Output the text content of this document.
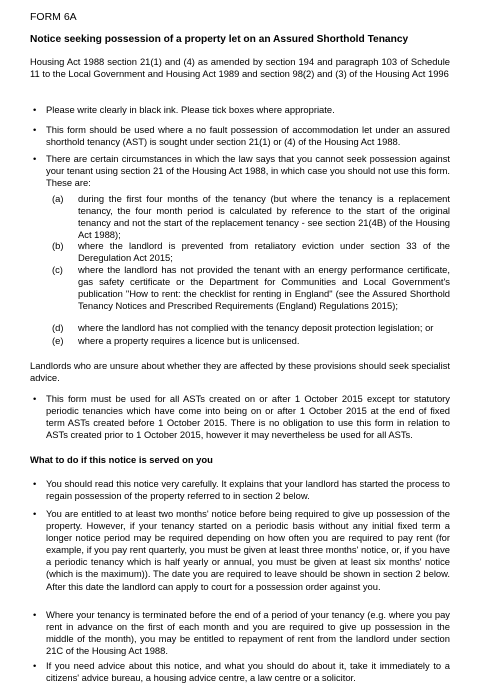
FORM 6A
Notice seeking possession of a property let on an Assured Shorthold Tenancy

Housing Act 1988 section 21(1) and (4) as amended by section 194 and paragraph 103 of Schedule 11 to the Local Government and Housing Act 1989 and section 98(2) and (3) of the Housing Act 1996

• Please write clearly in black ink. Please tick boxes where appropriate.
• This form should be used where a no fault possession of accommodation let under an assured shorthold tenancy (AST) is sought under section 21(1) or (4) of the Housing Act 1988.
• There are certain circumstances in which the law says that you cannot seek possession against your tenant using section 21 of the Housing Act 1988, in which case you should not use this form. These are:
(a) during the first four months of the tenancy (but where the tenancy is a replacement tenancy, the four month period is calculated by reference to the start of the original tenancy and not the start of the replacement tenancy - see section 21(4B) of the Housing Act 1988);
(b) where the landlord is prevented from retaliatory eviction under section 33 of the Deregulation Act 2015;
(c) where the landlord has not provided the tenant with an energy performance certificate, gas safety certificate or the Department for Communities and Local Government's publication "How to rent: the checklist for renting in England" (see the Assured Shorthold Tenancy Notices and Prescribed Requirements (England) Regulations 2015);
(d) where the landlord has not complied with the tenancy deposit protection legislation; or
(e) where a property requires a licence but is unlicensed.

Landlords who are unsure about whether they are affected by these provisions should seek specialist advice.

• This form must be used for all ASTs created on or after 1 October 2015 except tor statutory periodic tenancies which have come into being on or after 1 October 2015 at the end of fixed term ASTs created before 1 October 2015. There is no obligation to use this form in relation to ASTs created prior to 1 October 2015, however it may nevertheless be used for all ASTs.
What to do if this notice is served on you
• You should read this notice very carefully. It explains that your landlord has started the process to regain possession of the property referred to in section 2 below.
• You are entitled to at least two months' notice before being required to give up possession of the property. However, if your tenancy started on a periodic basis without any initial fixed term a longer notice period may be required depending on how often you are required to pay rent (for example, if you pay rent quarterly, you must be given at least three months' notice, or, if you have a periodic tenancy which is half yearly or annual, you must be given at least six months' notice (which is the maximum)). The date you are required to leave should be shown in section 2 below. After this date the landlord can apply to court for a possession order against you.
• Where your tenancy is terminated before the end of a period of your tenancy (e.g. where you pay rent in advance on the first of each month and you are required to give up possession in the middle of the month), you may be entitled to repayment of rent from the landlord under section 21C of the Housing Act 1988.
• If you need advice about this notice, and what you should do about it, take it immediately to a citizens' advice bureau, a housing advice centre, a law centre or a solicitor.
